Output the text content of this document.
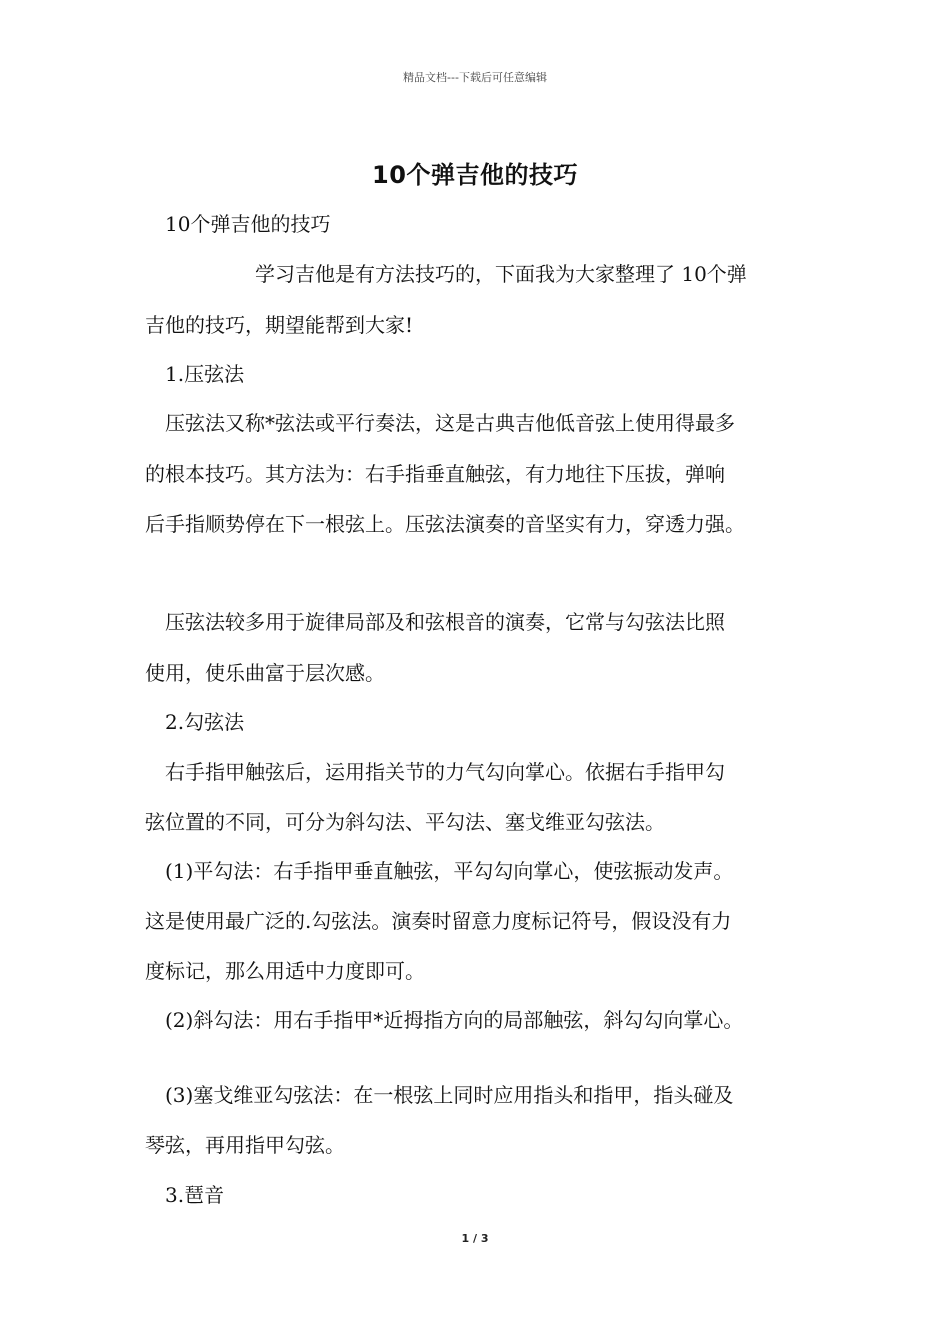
精品文档---下载后可任意编辑
10个弹吉他的技巧
10个弹吉他的技巧
学习吉他是有方法技巧的，下面我为大家整理了 10个弹
吉他的技巧，期望能帮到大家!
1.压弦法
压弦法又称*弦法或平行奏法，这是古典吉他低音弦上使用得最多
的根本技巧。其方法为：右手指垂直触弦，有力地往下压拔，弹响
后手指顺势停在下一根弦上。压弦法演奏的音坚实有力，穿透力强。
压弦法较多用于旋律局部及和弦根音的演奏，它常与勾弦法比照
使用，使乐曲富于层次感。
2.勾弦法
右手指甲触弦后，运用指关节的力气勾向掌心。依据右手指甲勾
弦位置的不同，可分为斜勾法、平勾法、塞戈维亚勾弦法。
(1)平勾法：右手指甲垂直触弦，平勾勾向掌心，使弦振动发声。
这是使用最广泛的.勾弦法。演奏时留意力度标记符号，假设没有力
度标记，那么用适中力度即可。
(2)斜勾法：用右手指甲*近拇指方向的局部触弦，斜勾勾向掌心。
(3)塞戈维亚勾弦法：在一根弦上同时应用指头和指甲，指头碰及
琴弦，再用指甲勾弦。
3.琶音
1 / 3
